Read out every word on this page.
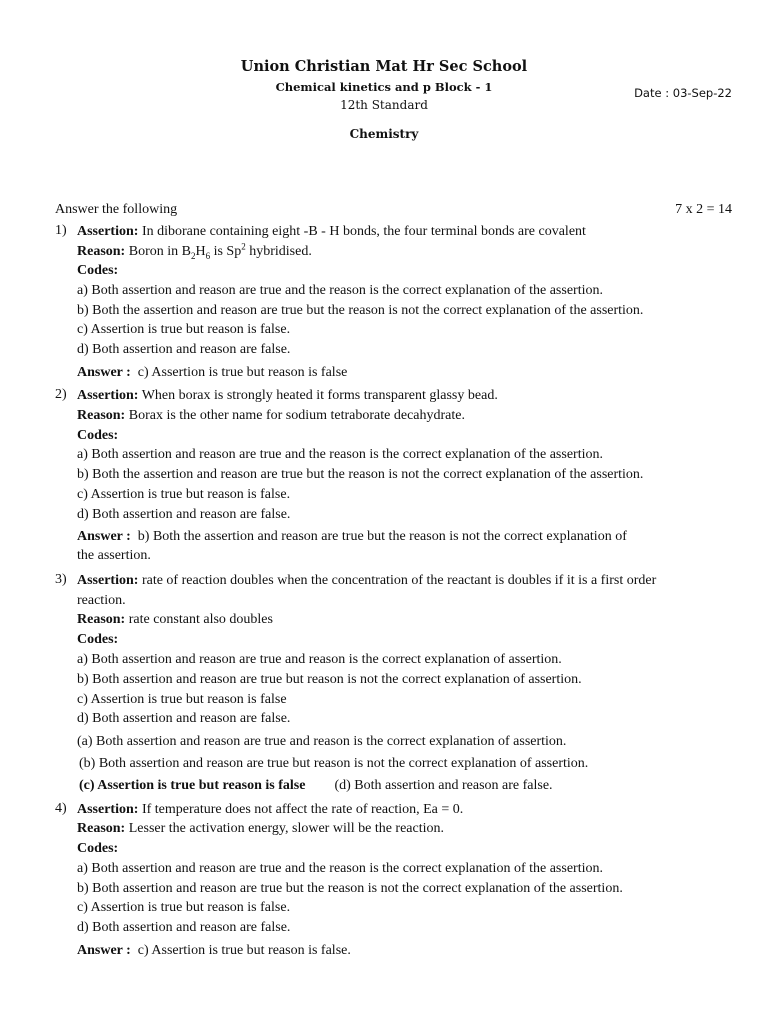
Union Christian Mat Hr Sec School
Chemical kinetics and p Block - 1
12th Standard
Date : 03-Sep-22
Chemistry
Answer the following	7 x 2 = 14
1) Assertion: In diborane containing eight -B - H bonds, the four terminal bonds are covalent
Reason: Boron in $B_2H_6$ is Sp$^2$ hybridised.
Codes:
a) Both assertion and reason are true and the reason is the correct explanation of the assertion.
b) Both the assertion and reason are true but the reason is not the correct explanation of the assertion.
c) Assertion is true but reason is false.
d) Both assertion and reason are false.
Answer : c) Assertion is true but reason is false
2) Assertion: When borax is strongly heated it forms transparent glassy bead.
Reason: Borax is the other name for sodium tetraborate decahydrate.
Codes:
a) Both assertion and reason are true and the reason is the correct explanation of the assertion.
b) Both the assertion and reason are true but the reason is not the correct explanation of the assertion.
c) Assertion is true but reason is false.
d) Both assertion and reason are false.
Answer : b) Both the assertion and reason are true but the reason is not the correct explanation of
the assertion.
3) Assertion: rate of reaction doubles when the concentration of the reactant is doubles if it is a first order
reaction.
Reason: rate constant also doubles
Codes:
a) Both assertion and reason are true and reason is the correct explanation of assertion.
b) Both assertion and reason are true but reason is not the correct explanation of assertion.
c) Assertion is true but reason is false
d) Both assertion and reason are false.
(a) Both assertion and reason are true and reason is the correct explanation of assertion.
(b) Both assertion and reason are true but reason is not the correct explanation of assertion.
(c) Assertion is true but reason is false (d) Both assertion and reason are false.
4) Assertion: If temperature does not affect the rate of reaction, Ea = 0.
Reason: Lesser the activation energy, slower will be the reaction.
Codes:
a) Both assertion and reason are true and the reason is the correct explanation of the assertion.
b) Both assertion and reason are true but the reason is not the correct explanation of the assertion.
c) Assertion is true but reason is false.
d) Both assertion and reason are false.
Answer : c) Assertion is true but reason is false.
